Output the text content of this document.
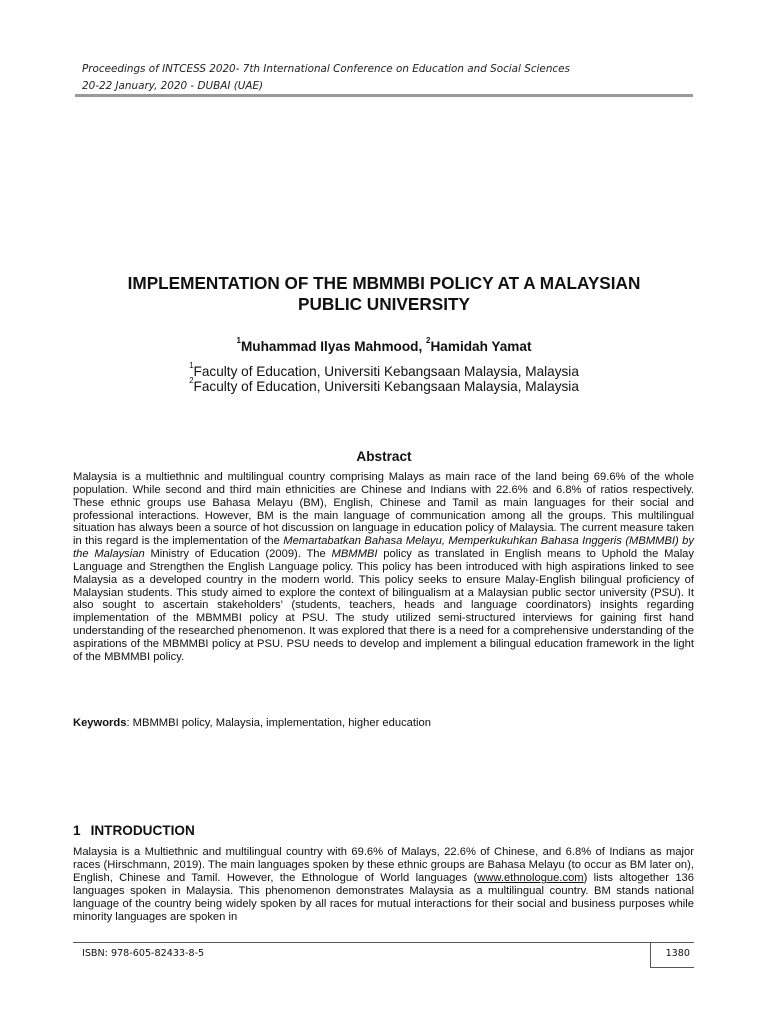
Proceedings of INTCESS 2020- 7th International Conference on Education and Social Sciences
20-22 January, 2020 - DUBAI (UAE)
IMPLEMENTATION OF THE MBMMBI POLICY AT A MALAYSIAN
PUBLIC UNIVERSITY
$^1$Muhammad Ilyas Mahmood, $^2$Hamidah Yamat
$^1$Faculty of Education, Universiti Kebangsaan Malaysia, Malaysia
$^2$Faculty of Education, Universiti Kebangsaan Malaysia, Malaysia
Abstract

Malaysia is a multiethnic and multilingual country comprising Malays as main race of the land being 69.6% of the whole population. While second and third main ethnicities are Chinese and Indians with 22.6% and 6.8% of ratios respectively. These ethnic groups use Bahasa Melayu (BM), English, Chinese and Tamil as main languages for their social and professional interactions. However, BM is the main language of communication among all the groups. This multilingual situation has always been a source of hot discussion on language in education policy of Malaysia. The current measure taken in this regard is the implementation of the Memartabatkan Bahasa Melayu, Memperkukuhkan Bahasa Inggeris (MBMMBI) by the Malaysian Ministry of Education (2009). The MBMMBI policy as translated in English means to Uphold the Malay Language and Strengthen the English Language policy. This policy has been introduced with high aspirations linked to see Malaysia as a developed country in the modern world. This policy seeks to ensure Malay-English bilingual proficiency of Malaysian students. This study aimed to explore the context of bilingualism at a Malaysian public sector university (PSU). It also sought to ascertain stakeholders’ (students, teachers, heads and language coordinators) insights regarding implementation of the MBMMBI policy at PSU. The study utilized semi-structured interviews for gaining first hand understanding of the researched phenomenon. It was explored that there is a need for a comprehensive understanding of the aspirations of the MBMMBI policy at PSU. PSU needs to develop and implement a bilingual education framework in the light of the MBMMBI policy.

Keywords: MBMMBI policy, Malaysia, implementation, higher education
1 INTRODUCTION

Malaysia is a Multiethnic and multilingual country with 69.6% of Malays, 22.6% of Chinese, and 6.8% of Indians as major races (Hirschmann, 2019). The main languages spoken by these ethnic groups are Bahasa Melayu (to occur as BM later on), English, Chinese and Tamil. However, the Ethnologue of World languages (www.ethnologue.com) lists altogether 136 languages spoken in Malaysia. This phenomenon demonstrates Malaysia as a multilingual country. BM stands national language of the country being widely spoken by all races for mutual interactions for their social and business purposes while minority languages are spoken in

ISBN: 978-605-82433-8-5	1380
